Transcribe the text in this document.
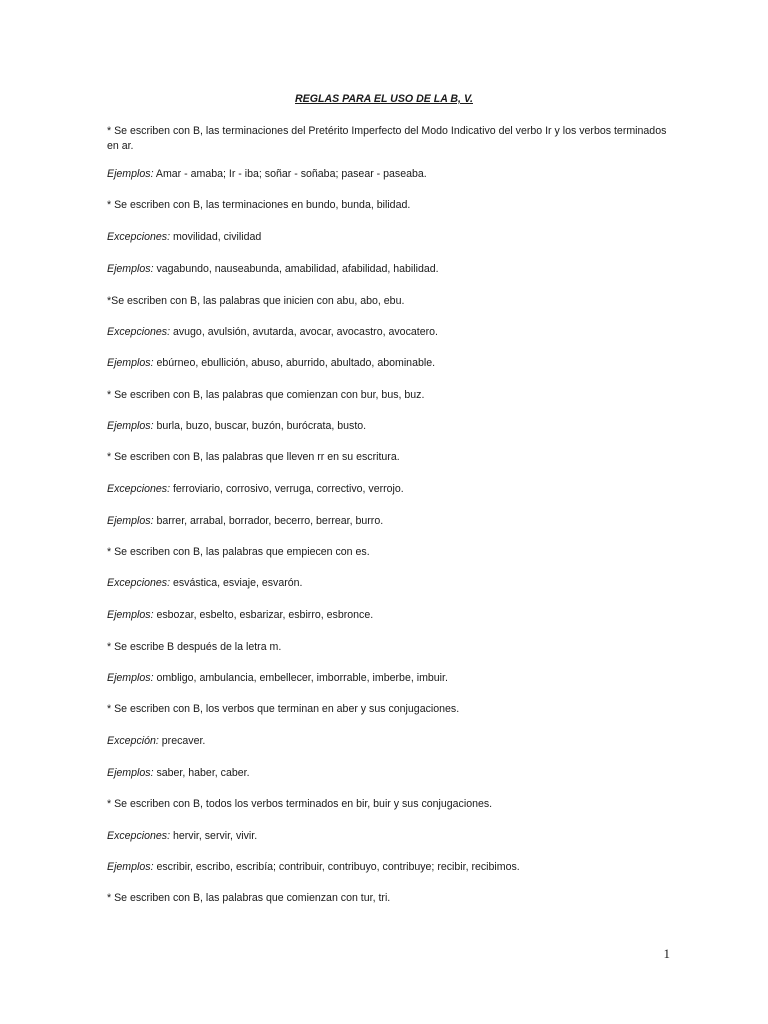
REGLAS PARA EL USO DE LA B, V.
* Se escriben con B, las terminaciones del Pretérito Imperfecto del Modo Indicativo del verbo Ir y los verbos terminados en ar.
Ejemplos: Amar - amaba; Ir - iba; soñar - soñaba; pasear - paseaba.
* Se escriben con B, las terminaciones en bundo, bunda, bilidad.
Excepciones: movilidad, civilidad
Ejemplos: vagabundo, nauseabunda, amabilidad, afabilidad, habilidad.
*Se escriben con B, las palabras que inicien con abu, abo, ebu.
Excepciones: avugo, avulsión, avutarda, avocar, avocastro, avocatero.
Ejemplos: ebúrneo, ebullición, abuso, aburrido, abultado, abominable.
* Se escriben con B, las palabras que comienzan con bur, bus, buz.
Ejemplos: burla, buzo, buscar, buzón, burócrata, busto.
* Se escriben con B, las palabras que lleven rr en su escritura.
Excepciones: ferroviario, corrosivo, verruga, correctivo, verrojo.
Ejemplos: barrer, arrabal, borrador, becerro, berrear, burro.
* Se escriben con B, las palabras que empiecen con es.
Excepciones: esvástica, esviaje, esvarón.
Ejemplos: esbozar, esbelto, esbarizar, esbirro, esbronce.
* Se escribe B después de la letra m.
Ejemplos: ombligo, ambulancia, embellecer, imborrable, imberbe, imbuir.
* Se escriben con B, los verbos que terminan en aber y sus conjugaciones.
Excepción: precaver.
Ejemplos: saber, haber, caber.
* Se escriben con B, todos los verbos terminados en bir, buir y sus conjugaciones.
Excepciones: hervir, servir, vivir.
Ejemplos: escribir, escribo, escribía; contribuir, contribuyo, contribuye; recibir, recibimos.
* Se escriben con B, las palabras que comienzan con tur, tri.
1
